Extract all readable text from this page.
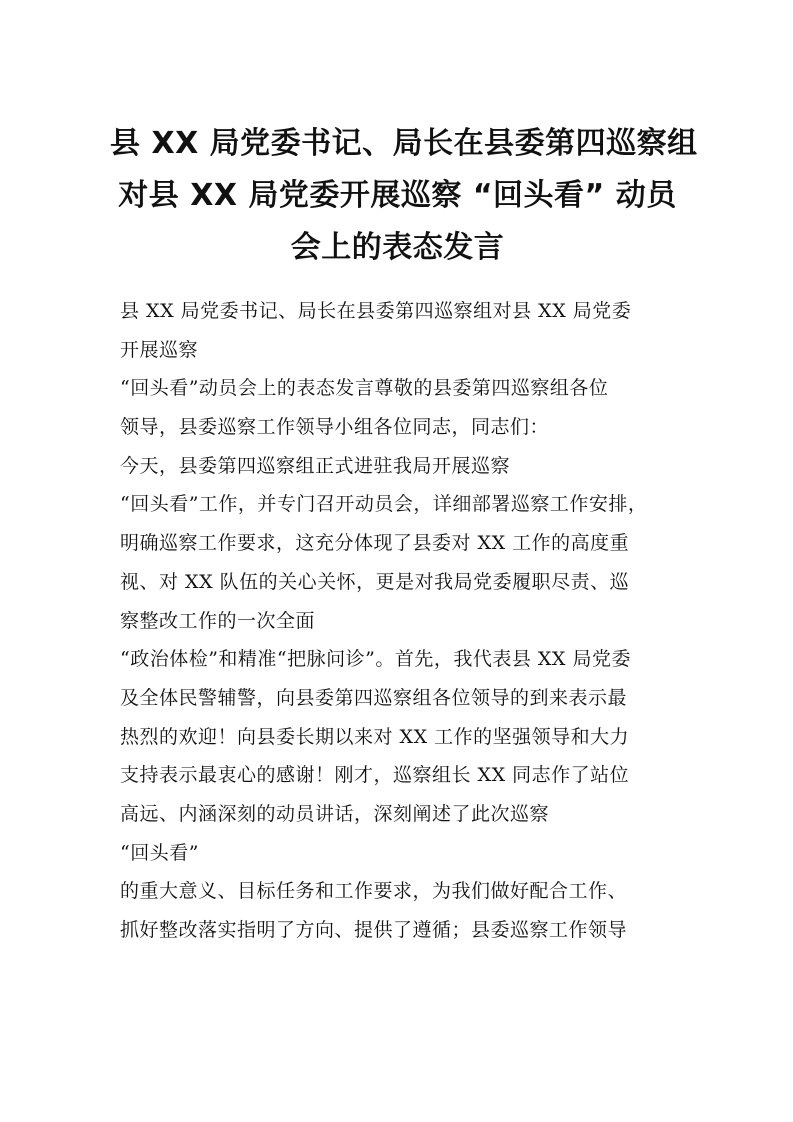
县 XX 局党委书记、局长在县委第四巡察组
对县 XX 局党委开展巡察 “回头看” 动员
会上的表态发言
县 XX 局党委书记、局长在县委第四巡察组对县 XX 局党委
开展巡察
“回头看”动员会上的表态发言尊敬的县委第四巡察组各位
领导，县委巡察工作领导小组各位同志，同志们：
今天，县委第四巡察组正式进驻我局开展巡察
“回头看”工作，并专门召开动员会，详细部署巡察工作安排，
明确巡察工作要求，这充分体现了县委对 XX 工作的高度重
视、对 XX 队伍的关心关怀，更是对我局党委履职尽责、巡
察整改工作的一次全面
“政治体检”和精准“把脉问诊”。首先，我代表县 XX 局党委
及全体民警辅警，向县委第四巡察组各位领导的到来表示最
热烈的欢迎！向县委长期以来对 XX 工作的坚强领导和大力
支持表示最衷心的感谢！刚才，巡察组长 XX 同志作了站位
高远、内涵深刻的动员讲话，深刻阐述了此次巡察
“回头看”
的重大意义、目标任务和工作要求，为我们做好配合工作、
抓好整改落实指明了方向、提供了遵循；县委巡察工作领导
